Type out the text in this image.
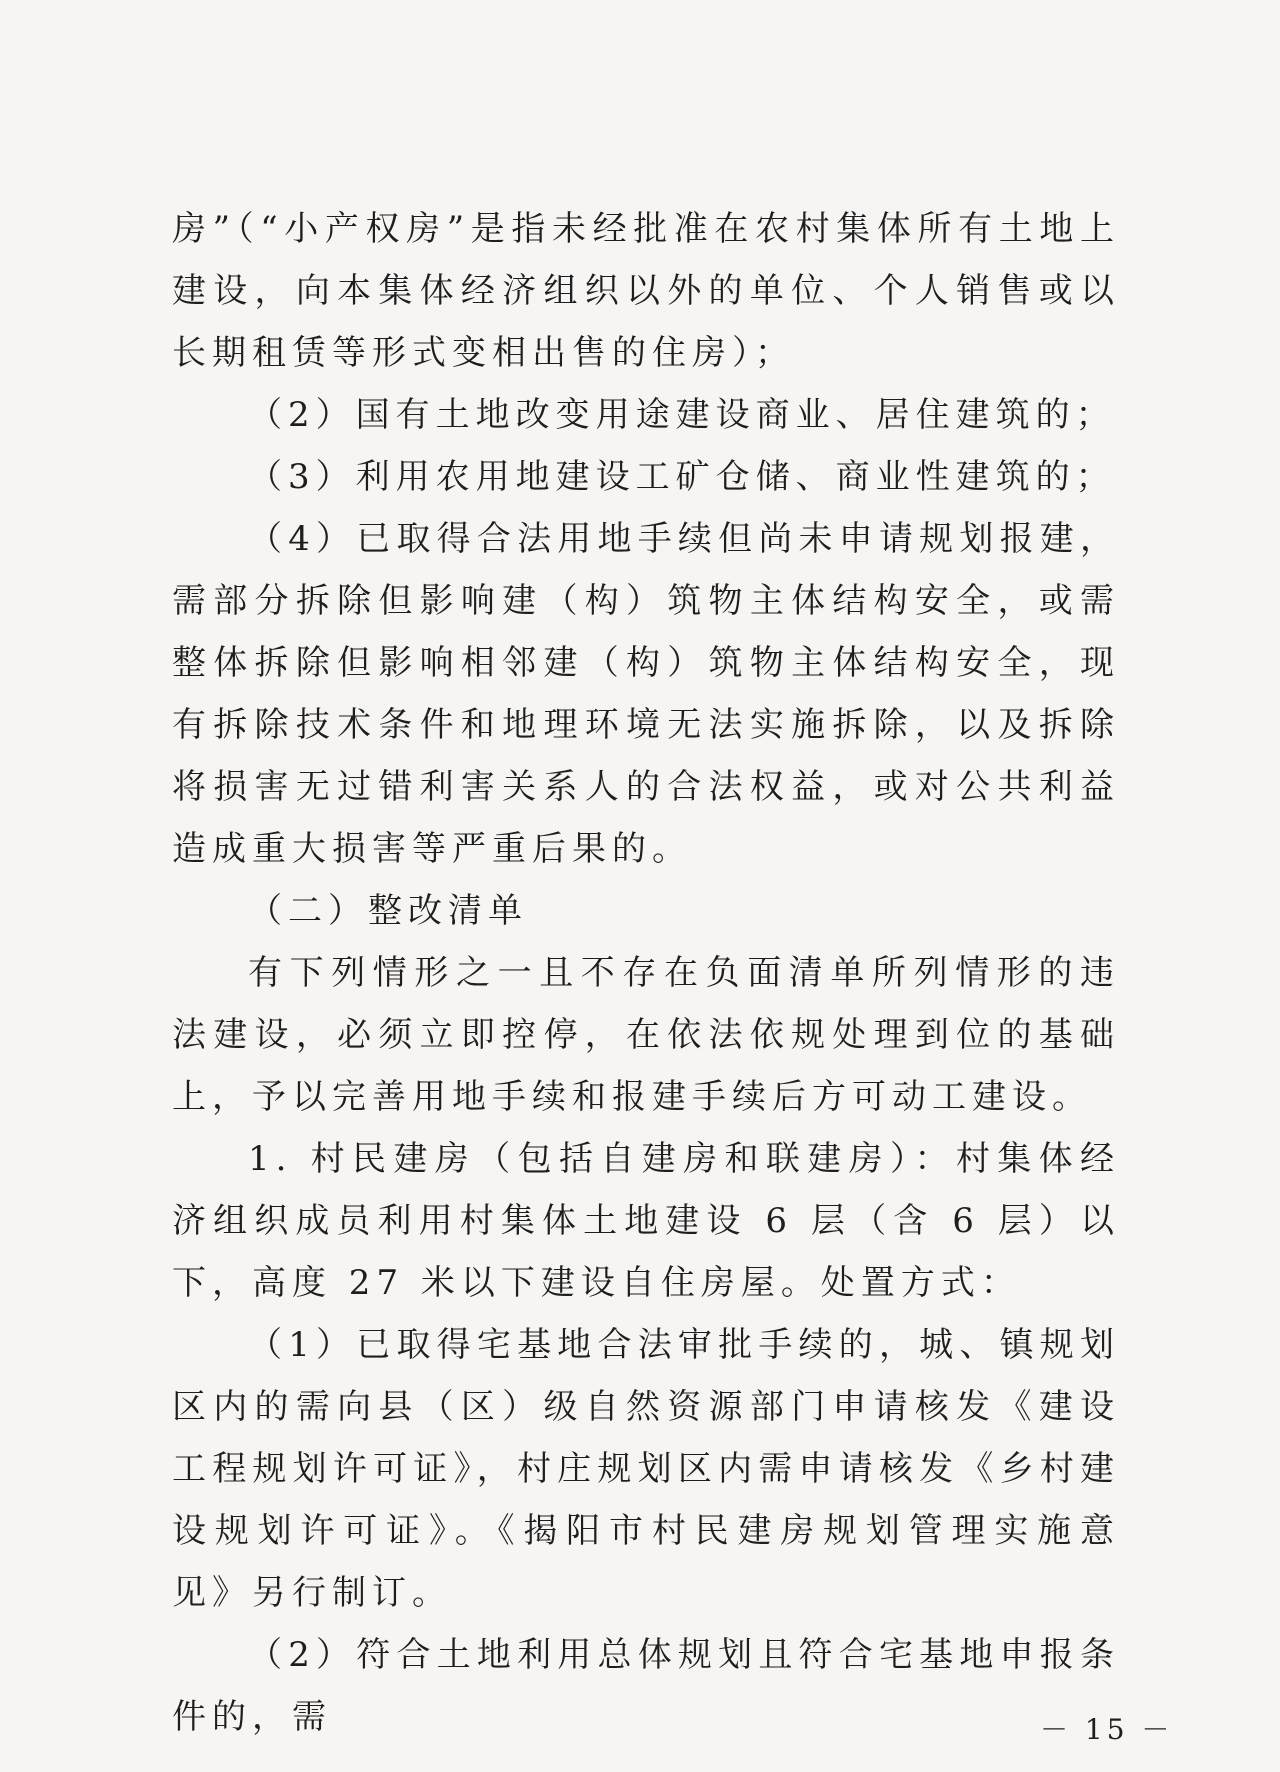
房”（“小产权房”是指未经批准在农村集体所有土地上建设，向本集体经济组织以外的单位、个人销售或以长期租赁等形式变相出售的住房）；

（2）国有土地改变用途建设商业、居住建筑的；

（3）利用农用地建设工矿仓储、商业性建筑的；

（4）已取得合法用地手续但尚未申请规划报建，需部分拆除但影响建（构）筑物主体结构安全，或需整体拆除但影响相邻建（构）筑物主体结构安全，现有拆除技术条件和地理环境无法实施拆除，以及拆除将损害无过错利害关系人的合法权益，或对公共利益造成重大损害等严重后果的。

（二）整改清单

有下列情形之一且不存在负面清单所列情形的违法建设，必须立即控停，在依法依规处理到位的基础上，予以完善用地手续和报建手续后方可动工建设。

1. 村民建房（包括自建房和联建房）：村集体经济组织成员利用村集体土地建设 6 层（含 6 层）以下，高度 27 米以下建设自住房屋。处置方式：

（1）已取得宅基地合法审批手续的，城、镇规划区内的需向县（区）级自然资源部门申请核发《建设工程规划许可证》，村庄规划区内需申请核发《乡村建设规划许可证》。《揭阳市村民建房规划管理实施意见》另行制订。

（2）符合土地利用总体规划且符合宅基地申报条件的，需	－ 15 －
